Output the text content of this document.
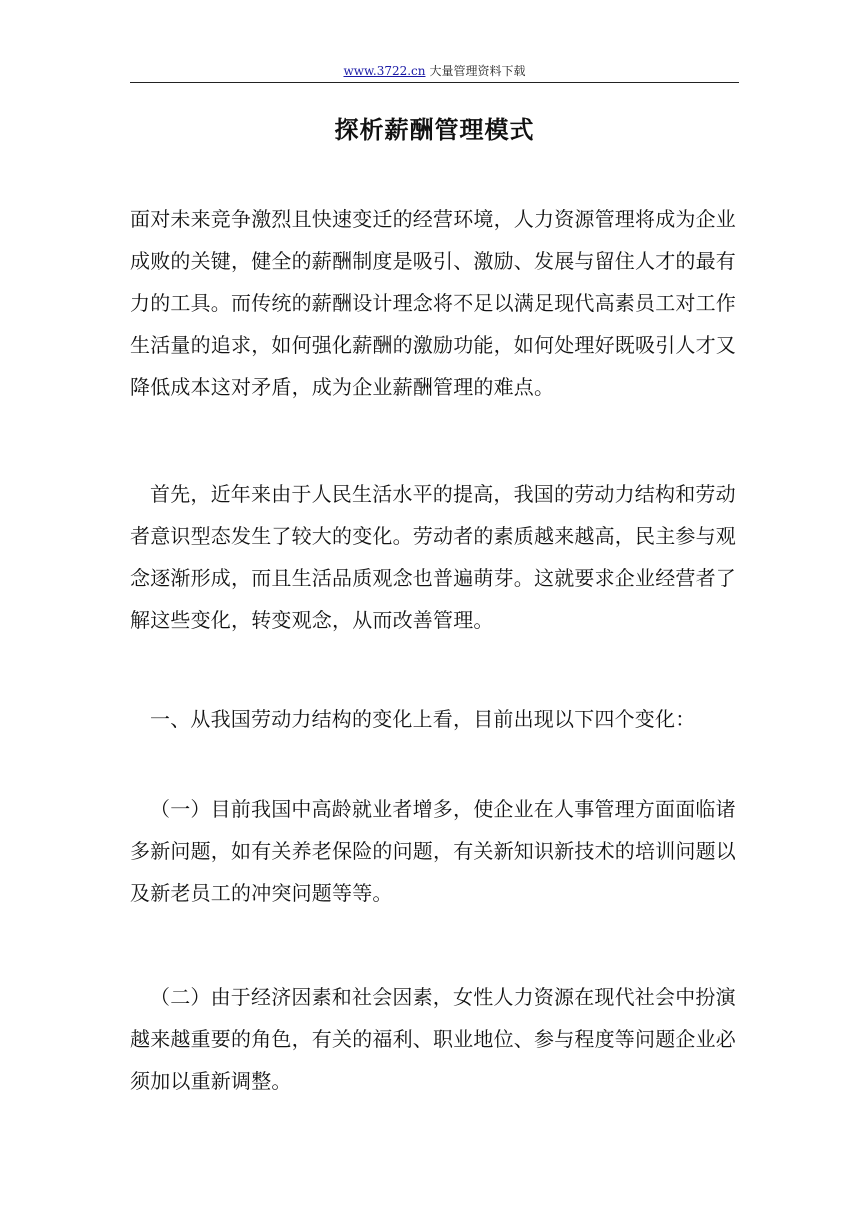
www.3722.cn 大量管理资料下载
探析薪酬管理模式

面对未来竞争激烈且快速变迁的经营环境，人力资源管理将成为企业成败的关键，健全的薪酬制度是吸引、激励、发展与留住人才的最有力的工具。而传统的薪酬设计理念将不足以满足现代高素员工对工作生活量的追求，如何强化薪酬的激励功能，如何处理好既吸引人才又降低成本这对矛盾，成为企业薪酬管理的难点。

首先，近年来由于人民生活水平的提高，我国的劳动力结构和劳动者意识型态发生了较大的变化。劳动者的素质越来越高，民主参与观念逐渐形成，而且生活品质观念也普遍萌芽。这就要求企业经营者了解这些变化，转变观念，从而改善管理。

一、从我国劳动力结构的变化上看，目前出现以下四个变化：

（一）目前我国中高龄就业者增多，使企业在人事管理方面面临诸多新问题，如有关养老保险的问题，有关新知识新技术的培训问题以及新老员工的冲突问题等等。

（二）由于经济因素和社会因素，女性人力资源在现代社会中扮演越来越重要的角色，有关的福利、职业地位、参与程度等问题企业必须加以重新调整。
